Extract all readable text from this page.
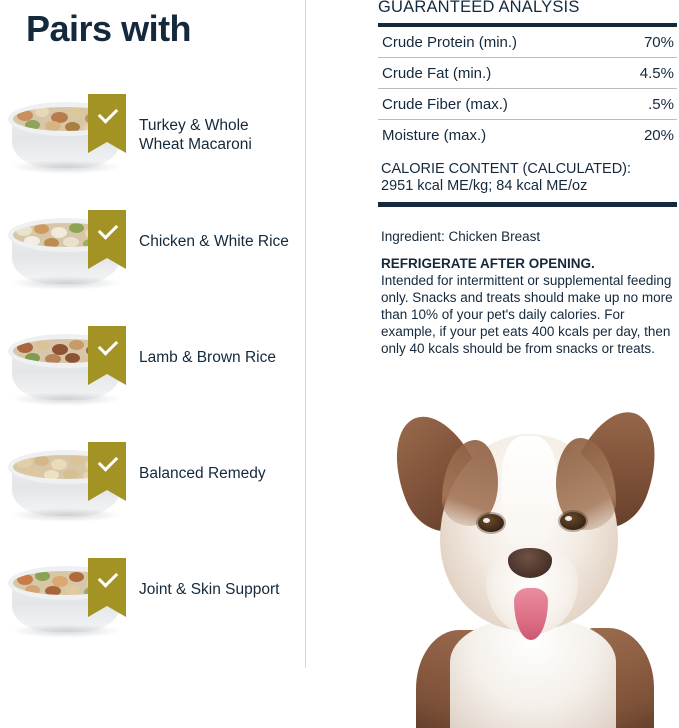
Pairs with
Turkey & Whole Wheat Macaroni
Chicken & White Rice
Lamb & Brown Rice
Balanced Remedy
Joint & Skin Support
GUARANTEED ANALYSIS
Crude Protein (min.)	70%
Crude Fat (min.)	4.5%
Crude Fiber (max.)	.5%
Moisture (max.)	20%
CALORIE CONTENT (CALCULATED):
2951 kcal ME/kg; 84 kcal ME/oz
Ingredient: Chicken Breast
REFRIGERATE AFTER OPENING.
Intended for intermittent or supplemental feeding only. Snacks and treats should make up no more than 10% of your pet's daily calories. For example, if your pet eats 400 kcals per day, then only 40 kcals should be from snacks or treats.
